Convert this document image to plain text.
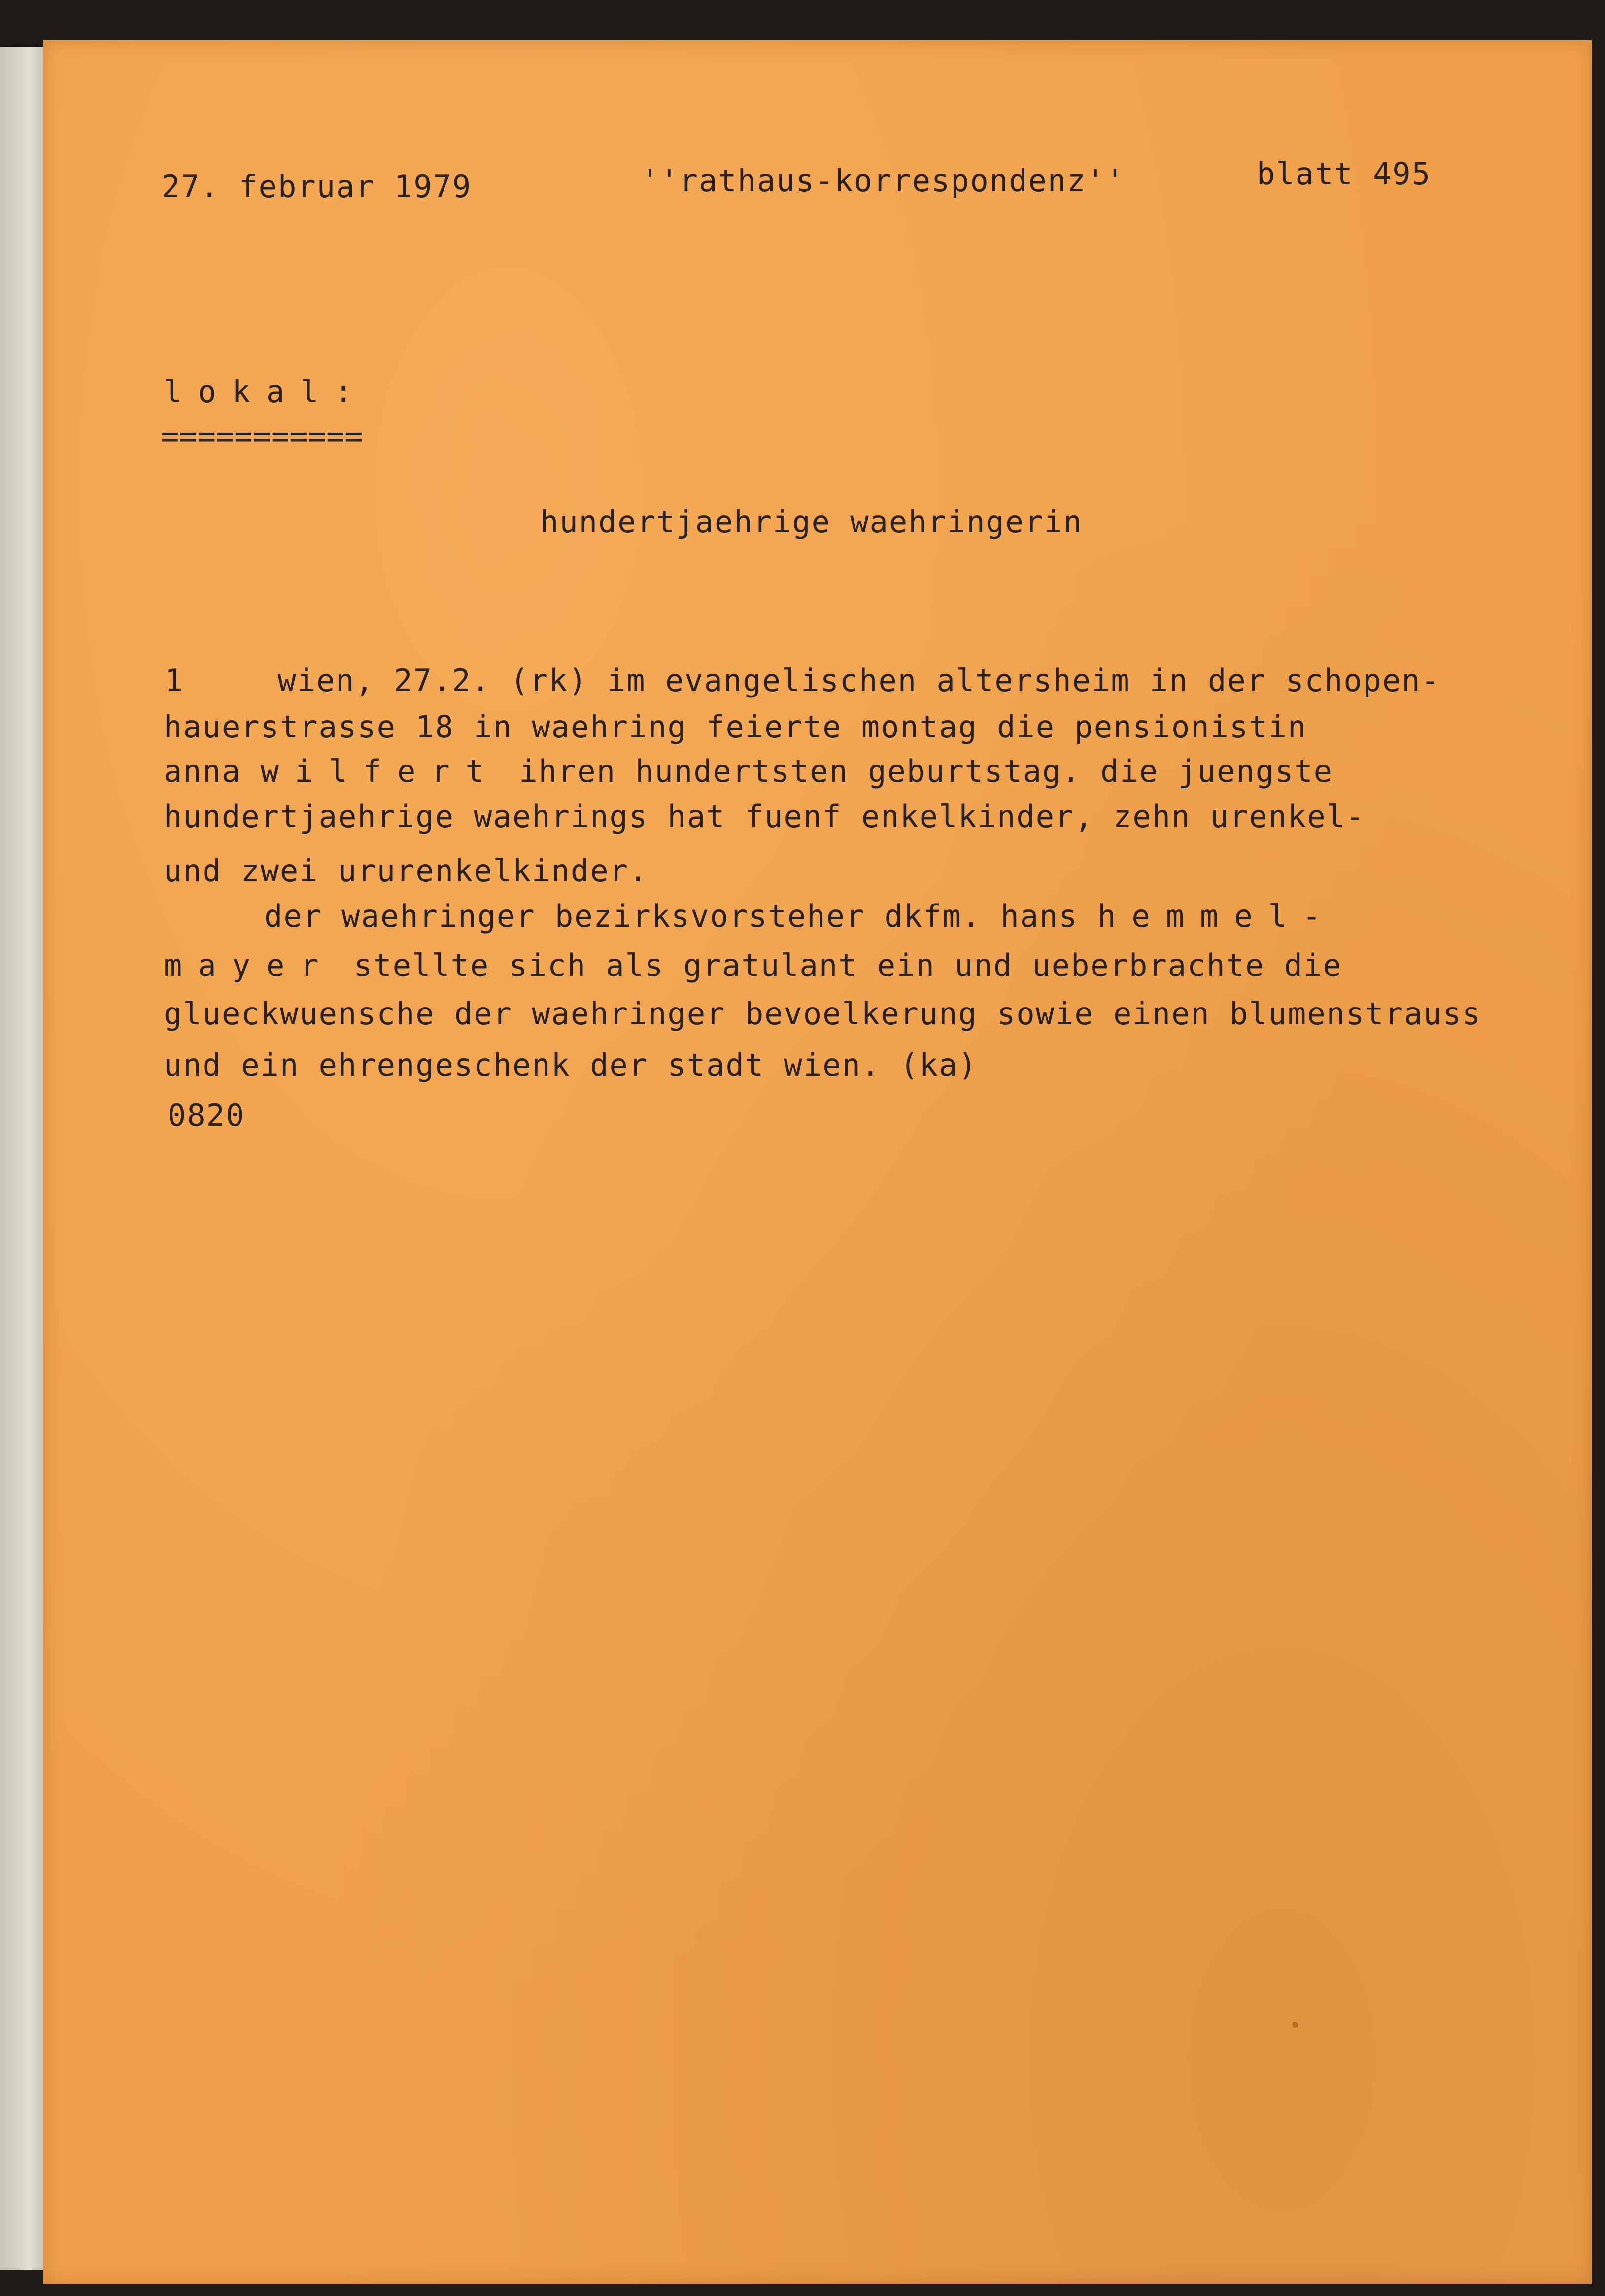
27. februar 1979	''rathaus-korrespondenz''	blatt 495

lokal:

===========

hundertjaehrige waehringerin

1	wien, 27.2. (rk) im evangelischen altersheim in der schopen-

hauerstrasse 18 in waehring feierte montag die pensionistin

anna wilfert ihren hundertsten geburtstag. die juengste

hundertjaehrige waehrings hat fuenf enkelkinder, zehn urenkel-

und zwei ururenkelkinder.

der waehringer bezirksvorsteher dkfm. hans hemmel-

mayer stellte sich als gratulant ein und ueberbrachte die

glueckwuensche der waehringer bevoelkerung sowie einen blumenstrauss

und ein ehrengeschenk der stadt wien. (ka)

0820
